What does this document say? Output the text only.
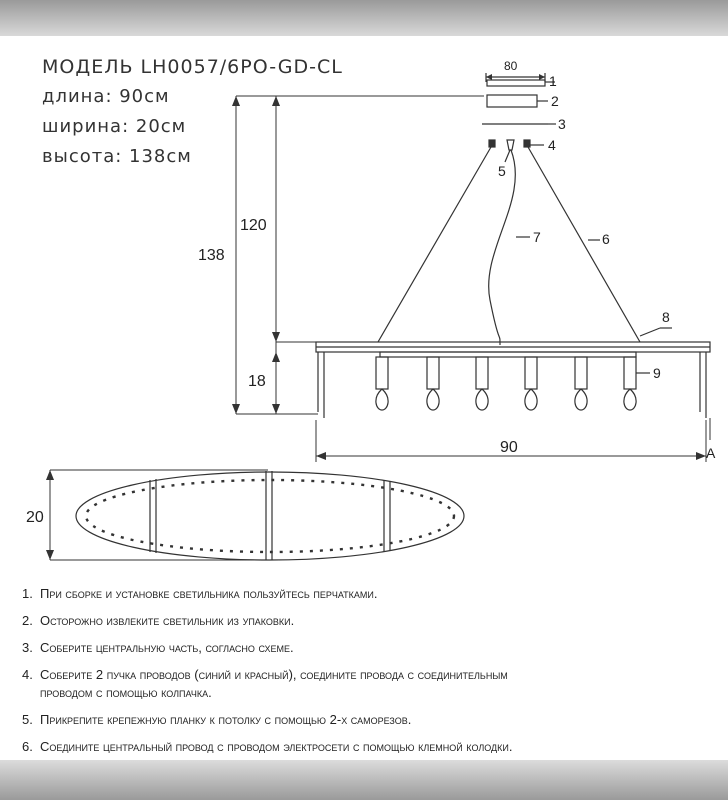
МОДЕЛЬ LH0057/6PO-GD-CL
длина: 90см
ширина: 20см
высота: 138см
80
138
120
18
90
20
A
1
2
3
4
5
6
7
8
9
1. При сборке и установке светильника пользуйтесь перчатками.
2. Осторожно извлеките светильник из упаковки.
3. Соберите центральную часть, согласно схеме.
4. Соберите 2 пучка проводов (синий и красный), соедините провода с соединительным
проводом с помощью колпачка.
5. Прикрепите крепежную планку к потолку с помощью 2-х саморезов.
6. Соедините центральный провод с проводом электросети с помощью клемной колодки.
